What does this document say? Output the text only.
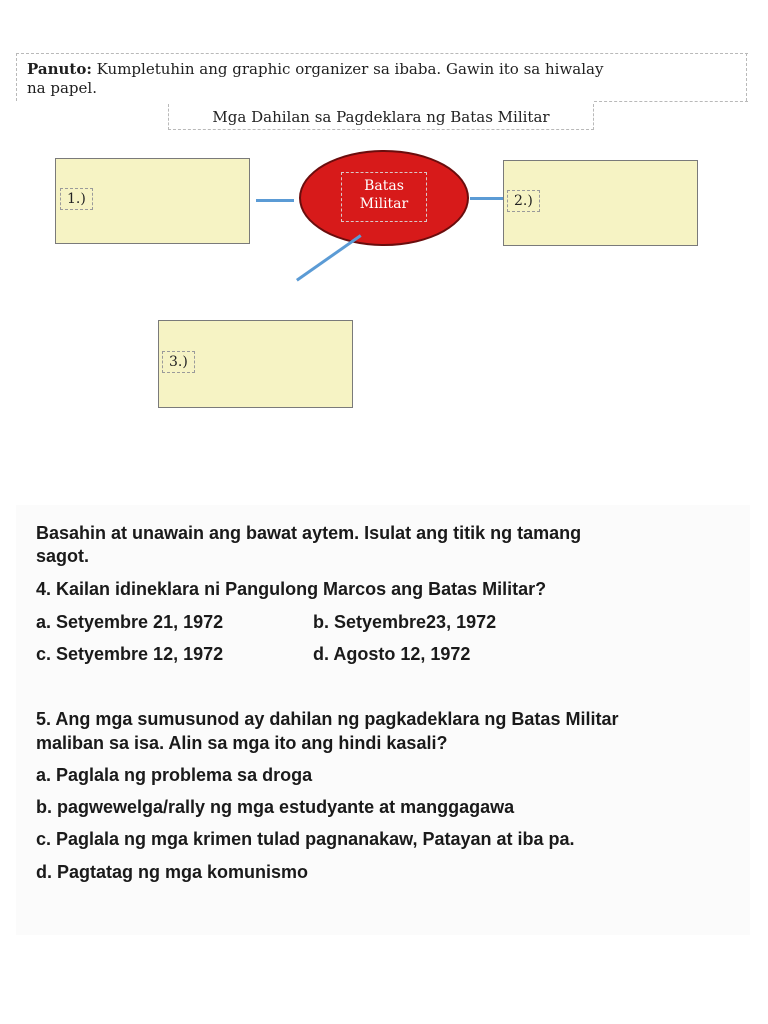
Panuto: Kumpletuhin ang graphic organizer sa ibaba. Gawin ito sa hiwalay
na papel.
Mga Dahilan sa Pagdeklara ng Batas Militar
1.)
Batas
Militar	2.)
3.)
Basahin at unawain ang bawat aytem. Isulat ang titik ng tamang
sagot.
4. Kailan idineklara ni Pangulong Marcos ang Batas Militar?
a. Setyembre 21, 1972	b. Setyembre23, 1972
c. Setyembre 12, 1972	d. Agosto 12, 1972
5. Ang mga sumusunod ay dahilan ng pagkadeklara ng Batas Militar
maliban sa isa. Alin sa mga ito ang hindi kasali?
a. Paglala ng problema sa droga
b. pagwewelga/rally ng mga estudyante at manggagawa
c. Paglala ng mga krimen tulad pagnanakaw, Patayan at iba pa.
d. Pagtatag ng mga komunismo
